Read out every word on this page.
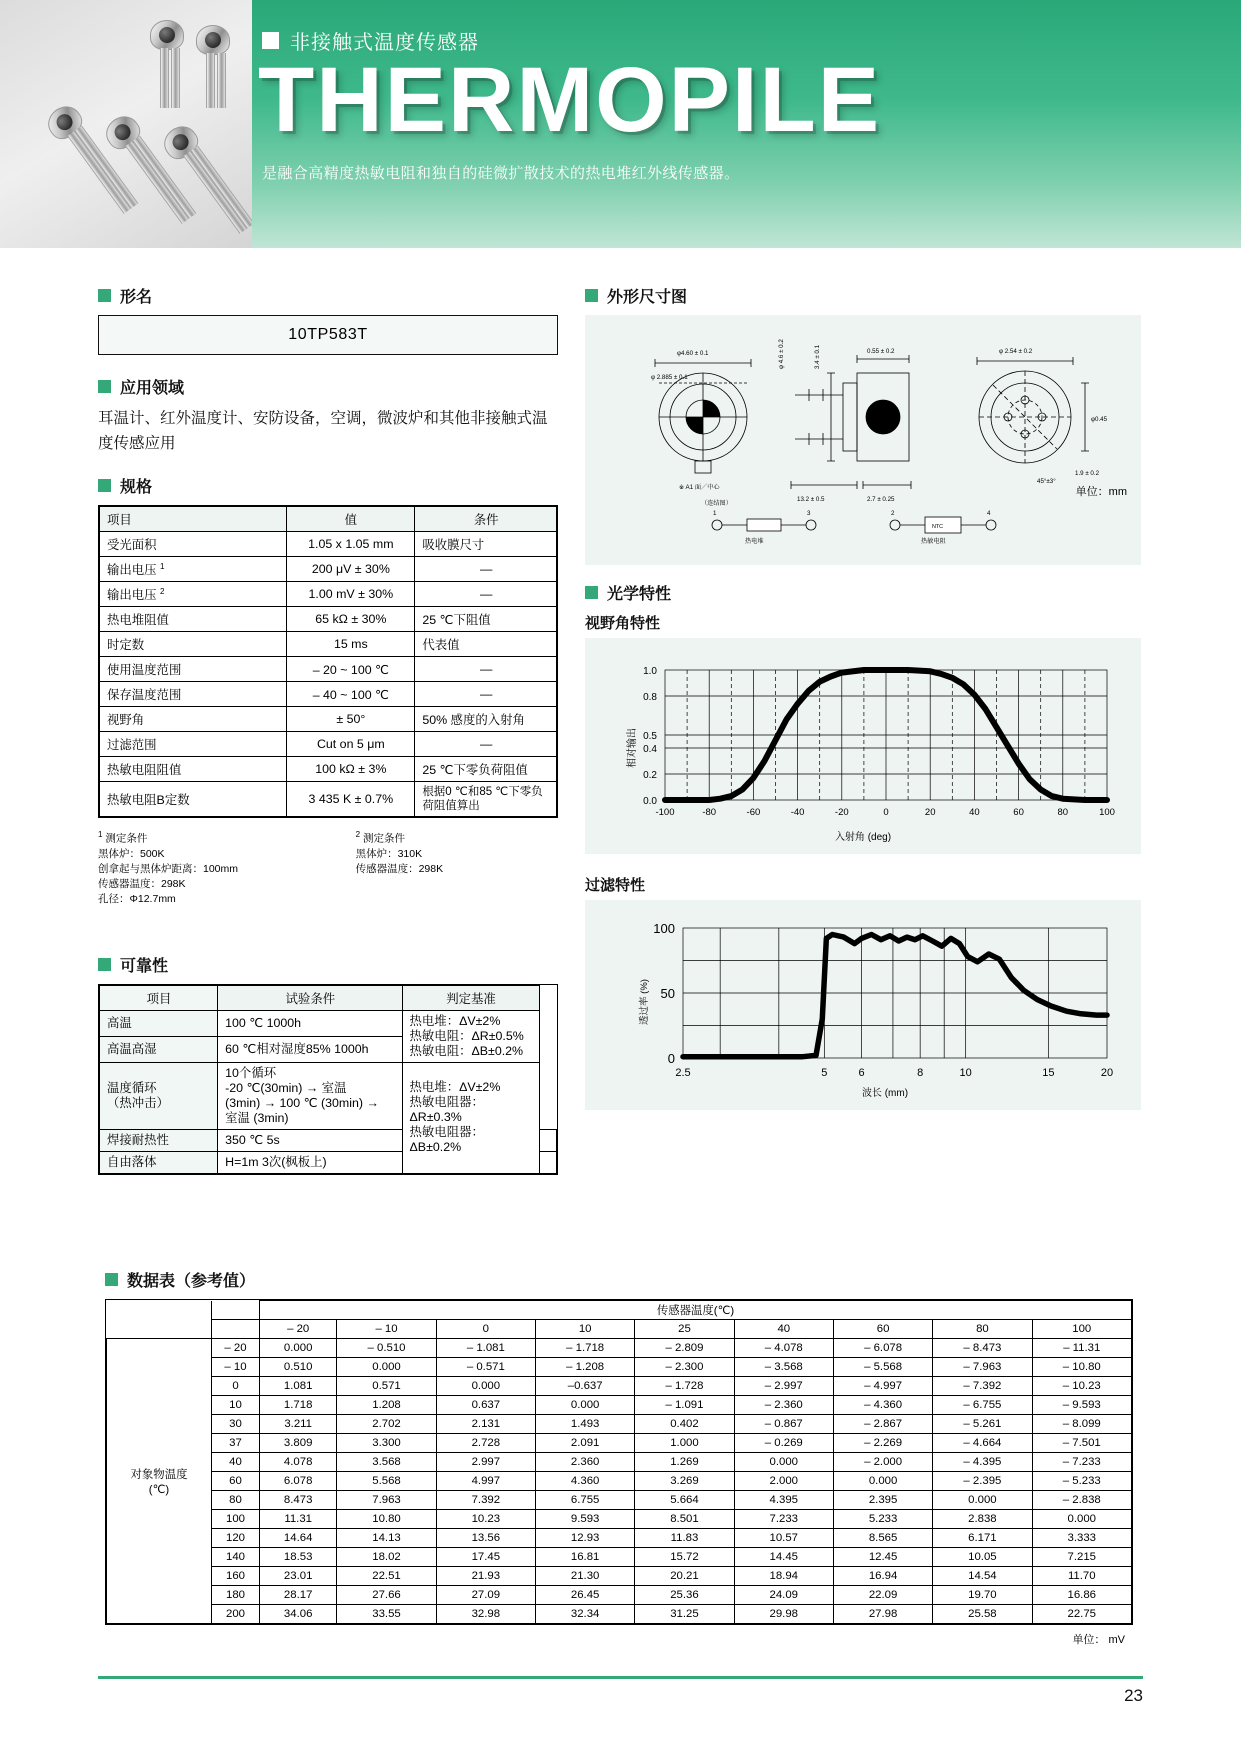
非接触式温度传感器
THERMOPILE
是融合高精度热敏电阻和独自的硅微扩散技术的热电堆红外线传感器。
形名
10TP583T
应用领域
耳温计、红外温度计、安防设备，空调，微波炉和其他非接触式温度传感应用
规格
项目	值	条件
受光面积	1.05 x 1.05 mm	吸收膜尺寸
输出电压 $^1$	200 μV ± 30%	—
输出电压 $^2$	1.00 mV ± 30%	—
热电堆阻值	65 kΩ ± 30%	25 ℃下阻值
时定数	15 ms	代表值
使用温度范围	– 20 ~ 100 ℃	—
保存温度范围	– 40 ~ 100 ℃	—
视野角	± 50°	50% 感度的入射角
过滤范围	Cut on 5 μm	—
热敏电阻阻值	100 kΩ ± 3%	25 ℃下零负荷阻值
热敏电阻B定数	3 435 K ± 0.7%	根据0 ℃和85 ℃下零负荷阻值算出
$^1$ 测定条件
黑体炉：500K
创拿起与黑体炉距离：100mm
传感器温度：298K
孔径：Φ12.7mm
$^2$ 测定条件
黑体炉：310K
传感器温度：298K
可靠性
项目	试验条件	判定基准	
高温	100 ℃ 1000h	热电堆：ΔV±2%
热敏电阻：ΔR±0.5%
热敏电阻：ΔB±0.2%	
高温高湿	60 ℃相对湿度85% 1000h		
温度循环
（热冲击）	10个循环
-20 ℃(30min) → 室温
(3min) → 100 ℃ (30min) →
室温 (3min)	热电堆：ΔV±2%
热敏电阻器：ΔR±0.3%
热敏电阻器：ΔB±0.2%	
焊接耐热性	350 ℃ 5s		
自由落体	H=1m 3次(枫板上)		
外形尺寸图
φ4.60 ± 0.1
φ 2.885 ± 0.1
φ 4.6 ± 0.2	0.55 ± 0.2
3.4 ± 0.1	φ 2.54 ± 0.2
φ0.45
13.2 ± 0.5	2.7 ± 0.25
1.9 ± 0.2
45°±3°
※ A1 面／中心
（连结图）
1	3	2	4
热电堆	热敏电阻
NTC
单位：mm
光学特性
视野角特性
0.0
0.2
0.4
0.5
0.8
1.0
-100	-80	-60	-40	-20	0	20	40	60	80	100
相对输出
入射角 (deg)
过滤特性
0
50
100
2.5	5	6	8	10	15	20
透过率 (%)
波长 (mm)
数据表（参考值）
		传感器温度(℃)								
		– 20	– 10	0	10	25	40	60	80	100
对象物温度
(℃)	– 20	0.000	– 0.510	– 1.081	– 1.718	– 2.809	– 4.078	– 6.078	– 8.473	– 11.31
	– 10	0.510	0.000	– 0.571	– 1.208	– 2.300	– 3.568	– 5.568	– 7.963	– 10.80
	0	1.081	0.571	0.000	–0.637	– 1.728	– 2.997	– 4.997	– 7.392	– 10.23
	10	1.718	1.208	0.637	0.000	– 1.091	– 2.360	– 4.360	– 6.755	– 9.593
	30	3.211	2.702	2.131	1.493	0.402	– 0.867	– 2.867	– 5.261	– 8.099
	37	3.809	3.300	2.728	2.091	1.000	– 0.269	– 2.269	– 4.664	– 7.501
	40	4.078	3.568	2.997	2.360	1.269	0.000	– 2.000	– 4.395	– 7.233
	60	6.078	5.568	4.997	4.360	3.269	2.000	0.000	– 2.395	– 5.233
	80	8.473	7.963	7.392	6.755	5.664	4.395	2.395	0.000	– 2.838
	100	11.31	10.80	10.23	9.593	8.501	7.233	5.233	2.838	0.000
	120	14.64	14.13	13.56	12.93	11.83	10.57	8.565	6.171	3.333
	140	18.53	18.02	17.45	16.81	15.72	14.45	12.45	10.05	7.215
	160	23.01	22.51	21.93	21.30	20.21	18.94	16.94	14.54	11.70
	180	28.17	27.66	27.09	26.45	25.36	24.09	22.09	19.70	16.86
	200	34.06	33.55	32.98	32.34	31.25	29.98	27.98	25.58	22.75
单位： mV
23
